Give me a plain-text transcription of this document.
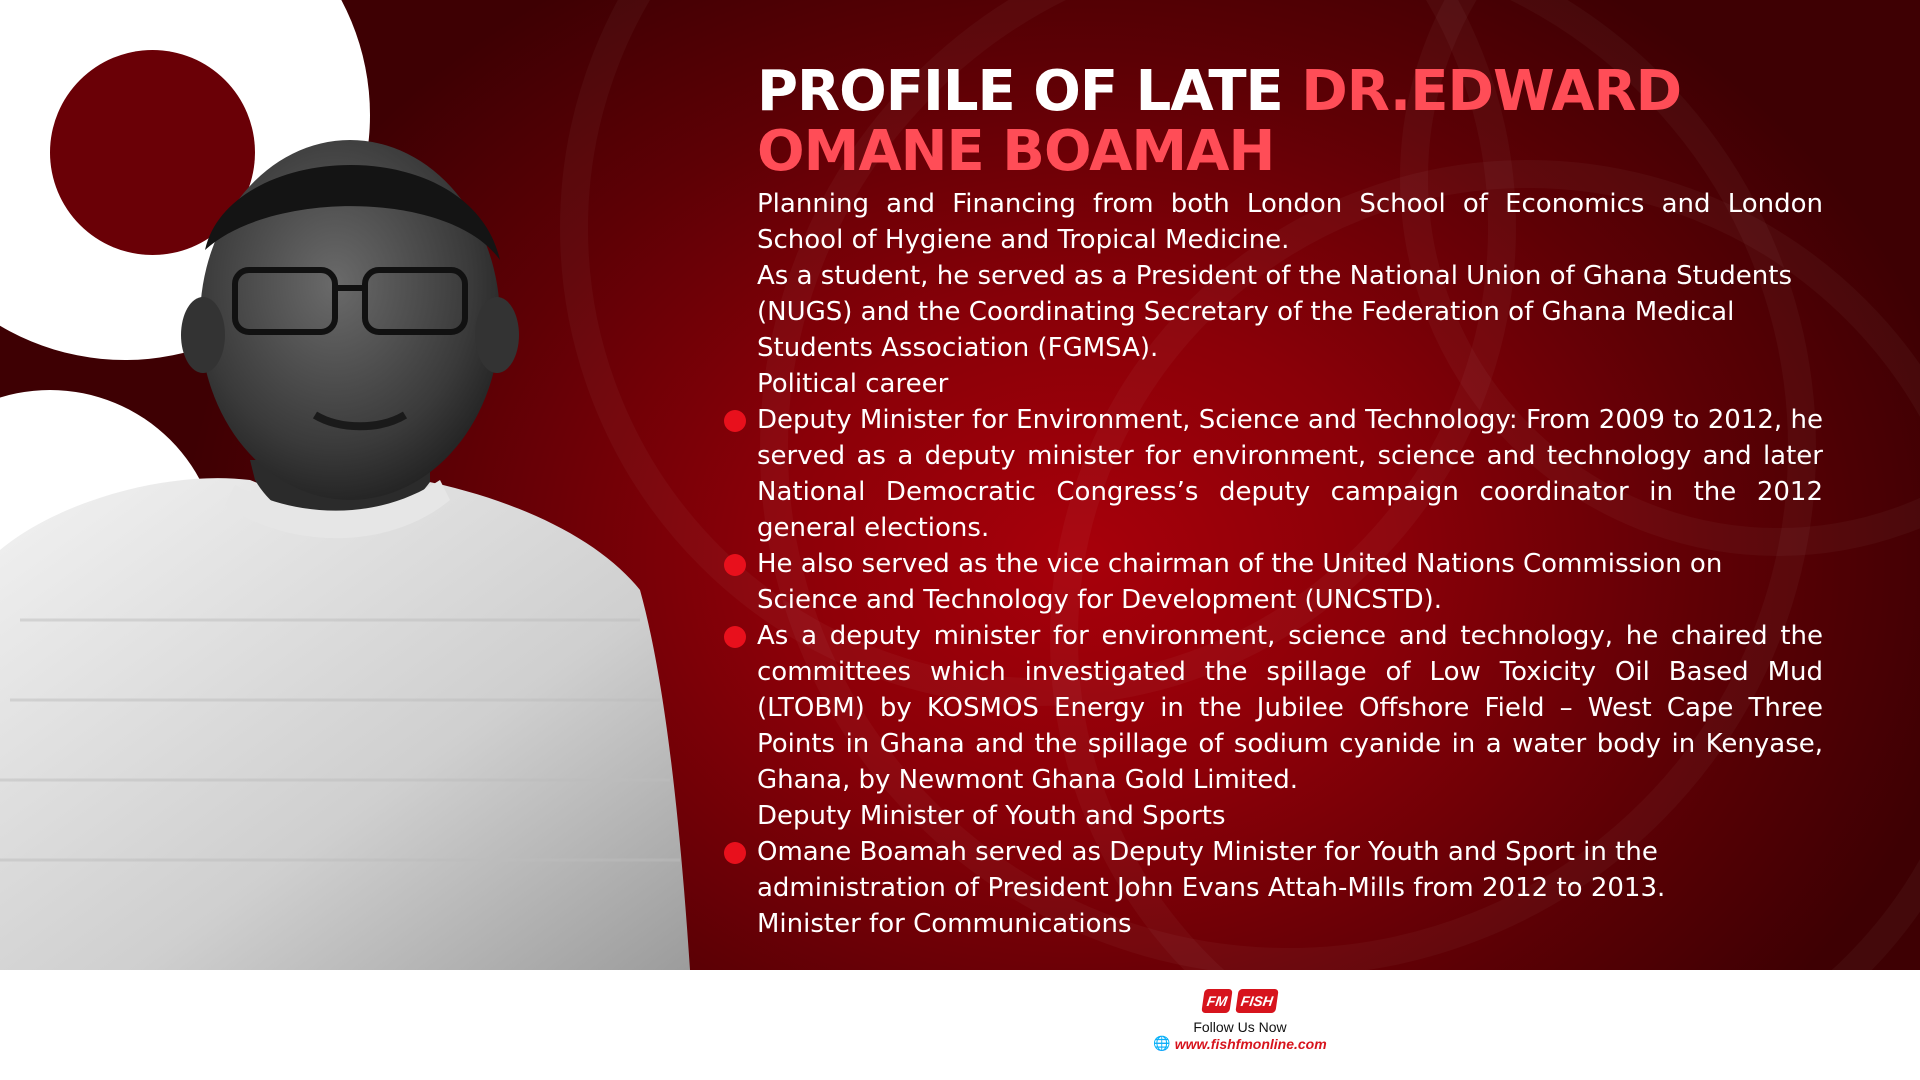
PROFILE OF LATE DR.EDWARD
OMANE BOAMAH

Planning and Financing from both London School of Economics and London School of Hygiene and Tropical Medicine.

As a student, he served as a President of the National Union of Ghana Students (NUGS) and the Coordinating Secretary of the Federation of Ghana Medical Students Association (FGMSA).

Political career

Deputy Minister for Environment, Science and Technology: From 2009 to 2012, he served as a deputy minister for environment, science and technology and later National Democratic Congress’s deputy campaign coordinator in the 2012 general elections.

He also served as the vice chairman of the United Nations Commission on Science and Technology for Development (UNCSTD).

As a deputy minister for environment, science and technology, he chaired the committees which investigated the spillage of Low Toxicity Oil Based Mud (LTOBM) by KOSMOS Energy in the Jubilee Offshore Field – West Cape Three Points in Ghana and the spillage of sodium cyanide in a water body in Kenyase, Ghana, by Newmont Ghana Gold Limited.

Deputy Minister of Youth and Sports

Omane Boamah served as Deputy Minister for Youth and Sport in the administration of President John Evans Attah-Mills from 2012 to 2013.

Minister for Communications

FM FISH
Follow Us Now
🌐 www.fishfmonline.com
